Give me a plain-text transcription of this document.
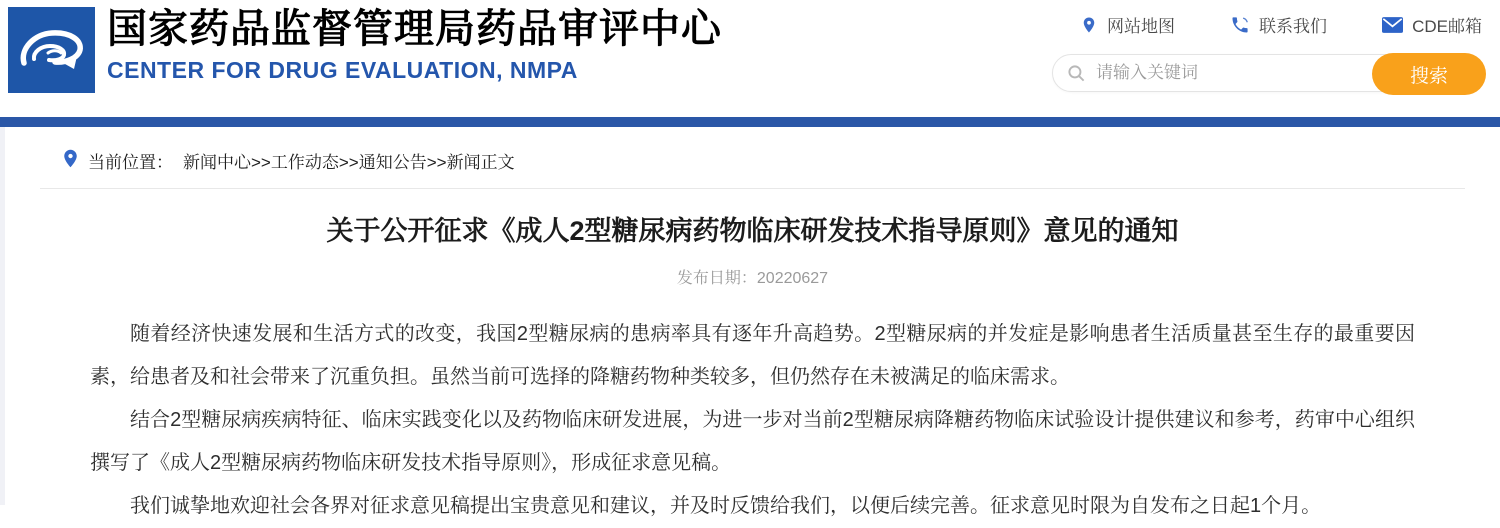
国家药品监督管理局药品审评中心
CENTER FOR DRUG EVALUATION, NMPA
网站地图	联系我们	CDE邮箱
请输入关键词
搜索
当前位置： 新闻中心>>工作动态>>通知公告>>新闻正文
关于公开征求《成人2型糖尿病药物临床研发技术指导原则》意见的通知
发布日期：20220627

随着经济快速发展和生活方式的改变，我国2型糖尿病的患病率具有逐年升高趋势。2型糖尿病的并发症是影响患者生活质量甚至生存的最重要因素，给患者及和社会带来了沉重负担。虽然当前可选择的降糖药物种类较多，但仍然存在未被满足的临床需求。

结合2型糖尿病疾病特征、临床实践变化以及药物临床研发进展，为进一步对当前2型糖尿病降糖药物临床试验设计提供建议和参考，药审中心组织撰写了《成人2型糖尿病药物临床研发技术指导原则》，形成征求意见稿。

我们诚挚地欢迎社会各界对征求意见稿提出宝贵意见和建议，并及时反馈给我们，以便后续完善。征求意见时限为自发布之日起1个月。
